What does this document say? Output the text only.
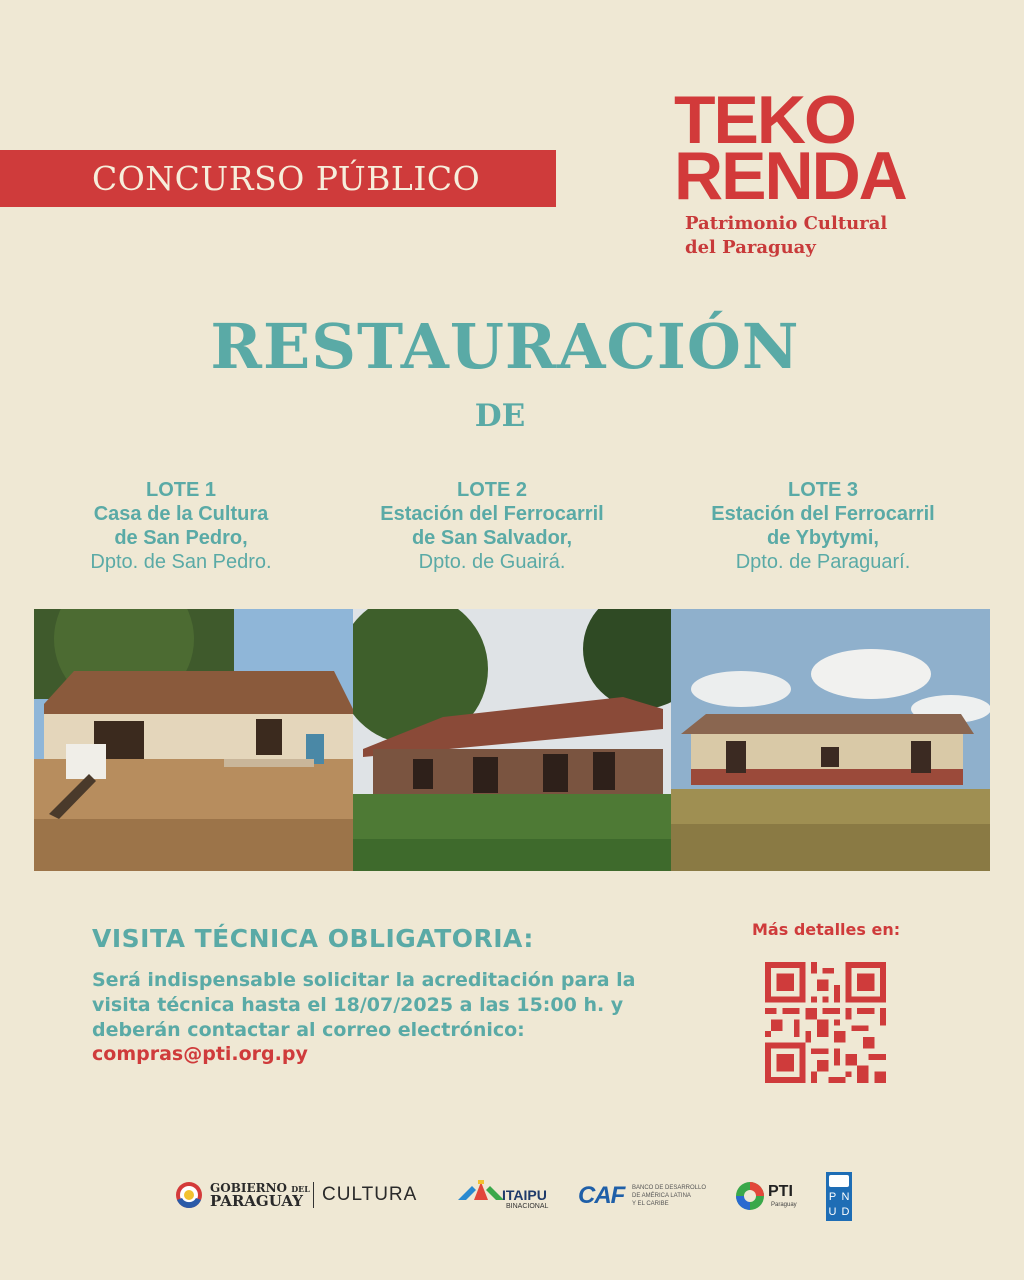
CONCURSO PÚBLICO
TEKO
RENDA
Patrimonio Cultural
del Paraguay
RESTAURACIÓN
DE
LOTE 1
Casa de la Cultura
de San Pedro,
Dpto. de San Pedro.
LOTE 2
Estación del Ferrocarril
de San Salvador,
Dpto. de Guairá.
LOTE 3
Estación del Ferrocarril
de Ybytymi,
Dpto. de Paraguarí.
VISITA TÉCNICA OBLIGATORIA:
Será indispensable solicitar la acreditación para la
visita técnica hasta el 18/07/2025 a las 15:00 h. y
deberán contactar al correo electrónico:
compras@pti.org.py
Más detalles en:
GOBIERNO DEL
PARAGUAY	CULTURA	ITAIPU
BINACIONAL CAF BANCO DE DESARROLLO
DE AMÉRICA LATINA
Y EL CARIBE
PTI
Paraguay
P N
U D
